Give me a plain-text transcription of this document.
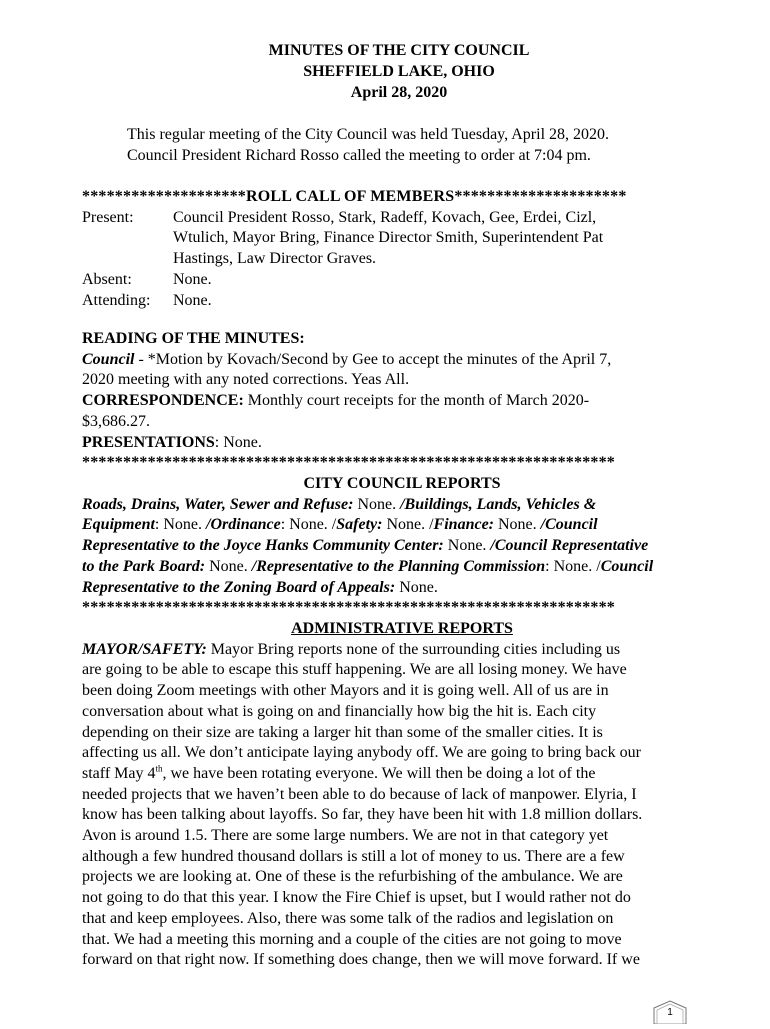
MINUTES OF THE CITY COUNCIL
SHEFFIELD LAKE, OHIO
April 28, 2020
This regular meeting of the City Council was held Tuesday, April 28, 2020.
Council President Richard Rosso called the meeting to order at 7:04 pm.
********************ROLL CALL OF MEMBERS*********************
Present:	Council President Rosso, Stark, Radeff, Kovach, Gee, Erdei, Cizl,
Wtulich, Mayor Bring, Finance Director Smith, Superintendent Pat
Hastings, Law Director Graves.
Absent:	None.
Attending:	None.
READING OF THE MINUTES:
Council - *Motion by Kovach/Second by Gee to accept the minutes of the April 7,
2020 meeting with any noted corrections. Yeas All.
CORRESPONDENCE: Monthly court receipts for the month of March 2020-
$3,686.27.
PRESENTATIONS: None.
*****************************************************************
CITY COUNCIL REPORTS
Roads, Drains, Water, Sewer and Refuse: None. /Buildings, Lands, Vehicles &
Equipment: None. /Ordinance: None. /Safety: None. /Finance: None. /Council
Representative to the Joyce Hanks Community Center: None. /Council Representative
to the Park Board: None. /Representative to the Planning Commission: None. /Council
Representative to the Zoning Board of Appeals: None.
*****************************************************************
ADMINISTRATIVE REPORTS
MAYOR/SAFETY: Mayor Bring reports none of the surrounding cities including us
are going to be able to escape this stuff happening. We are all losing money. We have
been doing Zoom meetings with other Mayors and it is going well. All of us are in
conversation about what is going on and financially how big the hit is. Each city
depending on their size are taking a larger hit than some of the smaller cities. It is
affecting us all. We don’t anticipate laying anybody off. We are going to bring back our
staff May 4th, we have been rotating everyone. We will then be doing a lot of the
needed projects that we haven’t been able to do because of lack of manpower. Elyria, I
know has been talking about layoffs. So far, they have been hit with 1.8 million dollars.
Avon is around 1.5. There are some large numbers. We are not in that category yet
although a few hundred thousand dollars is still a lot of money to us. There are a few
projects we are looking at. One of these is the refurbishing of the ambulance. We are
not going to do that this year. I know the Fire Chief is upset, but I would rather not do
that and keep employees. Also, there was some talk of the radios and legislation on
that. We had a meeting this morning and a couple of the cities are not going to move
forward on that right now. If something does change, then we will move forward. If we
1
